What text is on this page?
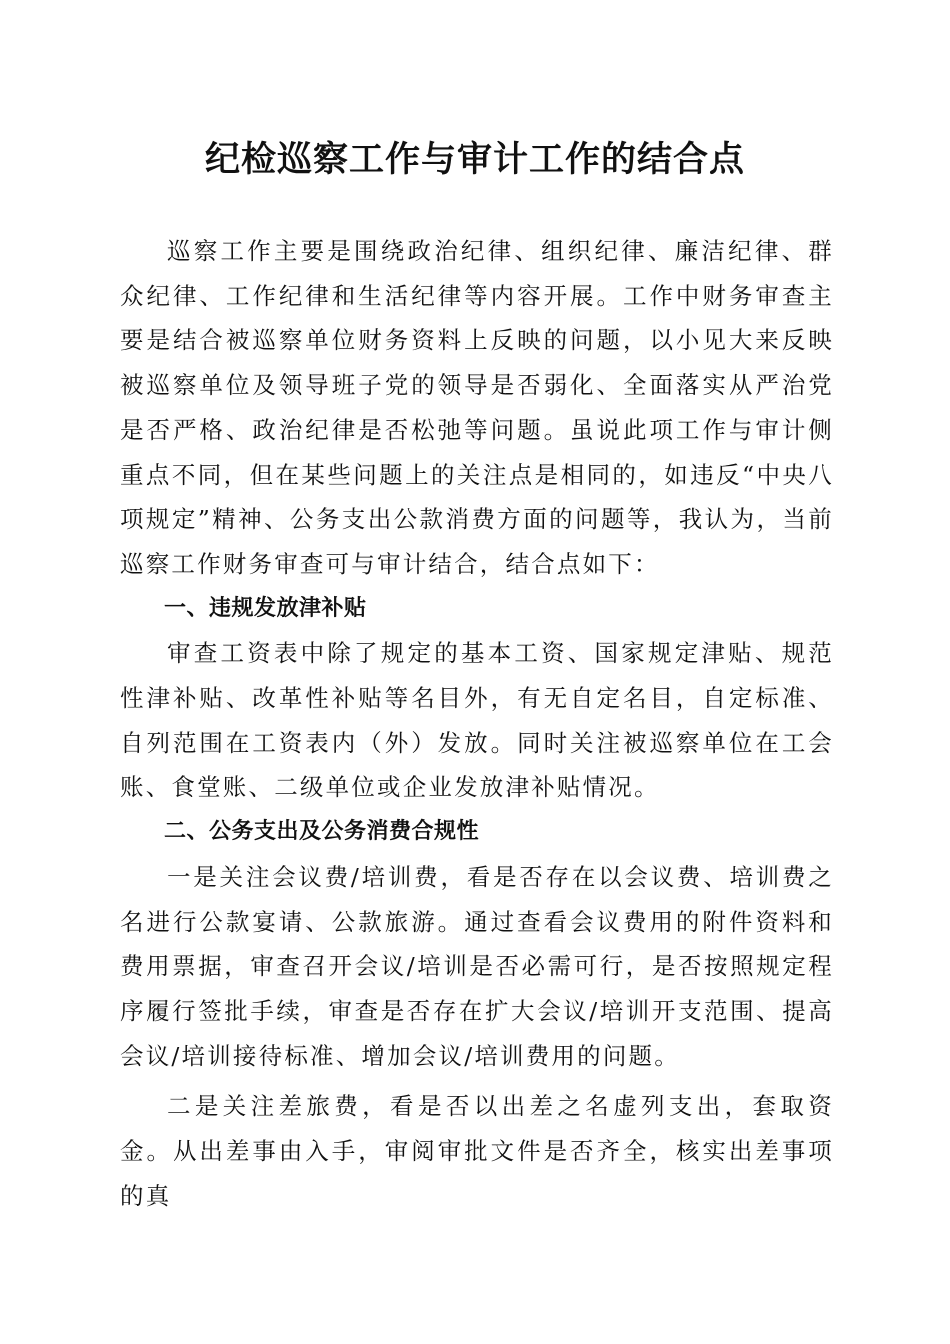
纪检巡察工作与审计工作的结合点

巡察工作主要是围绕政治纪律、组织纪律、廉洁纪律、群众纪律、工作纪律和生活纪律等内容开展。工作中财务审查主要是结合被巡察单位财务资料上反映的问题，以小见大来反映被巡察单位及领导班子党的领导是否弱化、全面落实从严治党是否严格、政治纪律是否松弛等问题。虽说此项工作与审计侧重点不同，但在某些问题上的关注点是相同的，如违反“中央八项规定”精神、公务支出公款消费方面的问题等，我认为，当前巡察工作财务审查可与审计结合，结合点如下：

一、违规发放津补贴

审查工资表中除了规定的基本工资、国家规定津贴、规范性津补贴、改革性补贴等名目外，有无自定名目，自定标准、自列范围在工资表内（外）发放。同时关注被巡察单位在工会账、食堂账、二级单位或企业发放津补贴情况。

二、公务支出及公务消费合规性

一是关注会议费/培训费，看是否存在以会议费、培训费之名进行公款宴请、公款旅游。通过查看会议费用的附件资料和费用票据，审查召开会议/培训是否必需可行，是否按照规定程序履行签批手续，审查是否存在扩大会议/培训开支范围、提高会议/培训接待标准、增加会议/培训费用的问题。

二是关注差旅费，看是否以出差之名虚列支出，套取资金。从出差事由入手，审阅审批文件是否齐全，核实出差事项的真
